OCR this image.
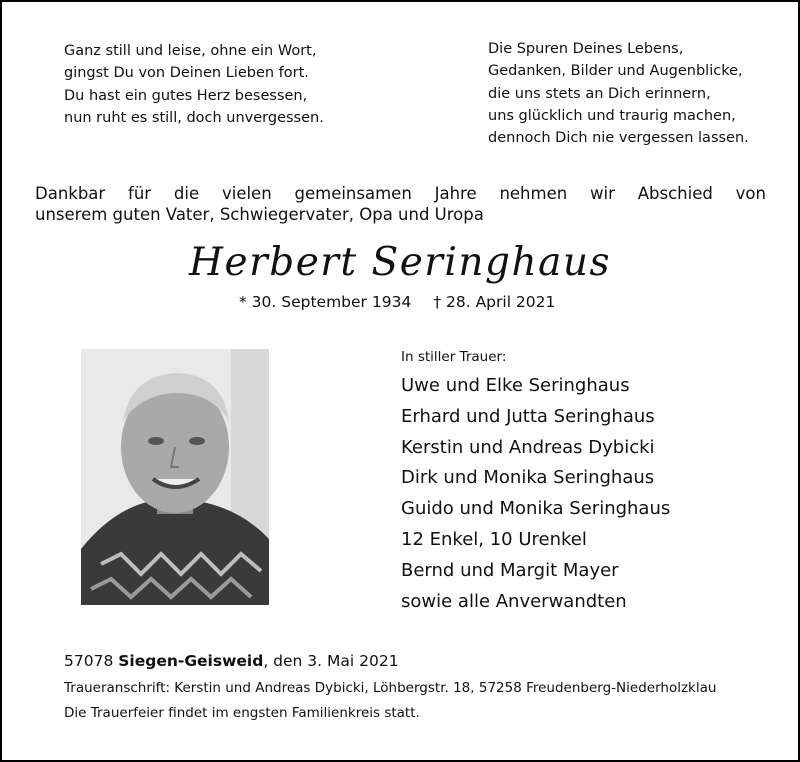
Ganz still und leise, ohne ein Wort,
gingst Du von Deinen Lieben fort.
Du hast ein gutes Herz besessen,
nun ruht es still, doch unvergessen.
Die Spuren Deines Lebens,
Gedanken, Bilder und Augenblicke,
die uns stets an Dich erinnern,
uns glücklich und traurig machen,
dennoch Dich nie vergessen lassen.
Dankbar für die vielen gemeinsamen Jahre nehmen wir Abschied von
unserem guten Vater, Schwiegervater, Opa und Uropa
Herbert Seringhaus
* 30. September 1934 † 28. April 2021
In stiller Trauer:
Uwe und Elke Seringhaus
Erhard und Jutta Seringhaus
Kerstin und Andreas Dybicki
Dirk und Monika Seringhaus
Guido und Monika Seringhaus
12 Enkel, 10 Urenkel
Bernd und Margit Mayer
sowie alle Anverwandten
57078 Siegen-Geisweid, den 3. Mai 2021
Traueranschrift: Kerstin und Andreas Dybicki, Löhbergstr. 18, 57258 Freudenberg-Niederholzklau
Die Trauerfeier findet im engsten Familienkreis statt.
